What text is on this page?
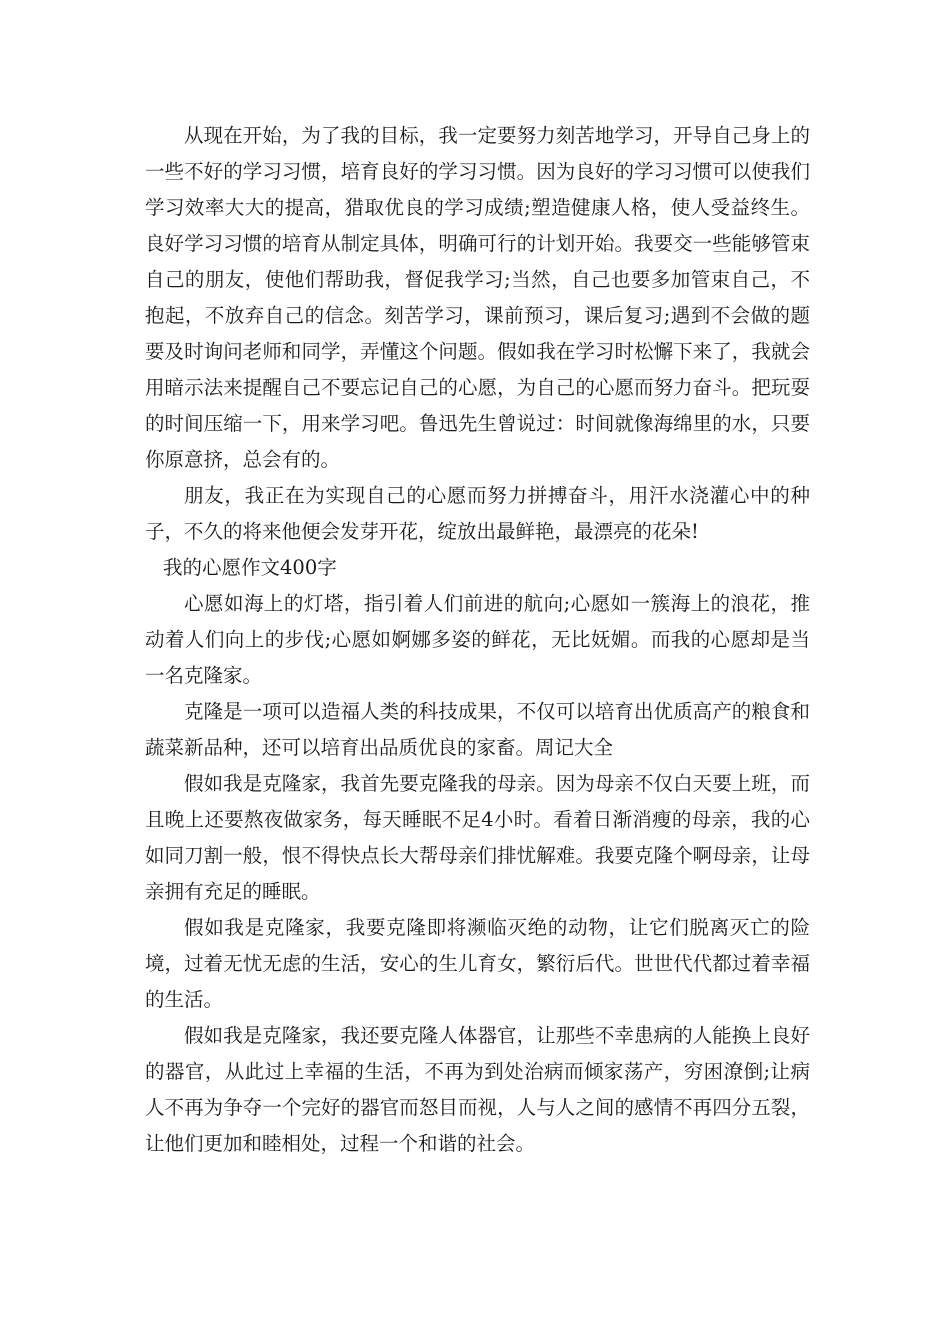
从现在开始，为了我的目标，我一定要努力刻苦地学习，开导自己身上的一些不好的学习习惯，培育良好的学习习惯。因为良好的学习习惯可以使我们学习效率大大的提高，猎取优良的学习成绩;塑造健康人格，使人受益终生。良好学习习惯的培育从制定具体，明确可行的计划开始。我要交一些能够管束自己的朋友，使他们帮助我，督促我学习;当然，自己也要多加管束自己，不抱起，不放弃自己的信念。刻苦学习，课前预习，课后复习;遇到不会做的题要及时询问老师和同学，弄懂这个问题。假如我在学习时松懈下来了，我就会用暗示法来提醒自己不要忘记自己的心愿，为自己的心愿而努力奋斗。把玩耍的时间压缩一下，用来学习吧。鲁迅先生曾说过：时间就像海绵里的水，只要你原意挤，总会有的。

朋友，我正在为实现自己的心愿而努力拼搏奋斗，用汗水浇灌心中的种子，不久的将来他便会发芽开花，绽放出最鲜艳，最漂亮的花朵!

我的心愿作文400字

心愿如海上的灯塔，指引着人们前进的航向;心愿如一簇海上的浪花，推动着人们向上的步伐;心愿如婀娜多姿的鲜花，无比妩媚。而我的心愿却是当一名克隆家。

克隆是一项可以造福人类的科技成果，不仅可以培育出优质高产的粮食和蔬菜新品种，还可以培育出品质优良的家畜。周记大全

假如我是克隆家，我首先要克隆我的母亲。因为母亲不仅白天要上班，而且晚上还要熬夜做家务，每天睡眠不足4小时。看着日渐消瘦的母亲，我的心如同刀割一般，恨不得快点长大帮母亲们排忧解难。我要克隆个啊母亲，让母亲拥有充足的睡眠。

假如我是克隆家，我要克隆即将濒临灭绝的动物，让它们脱离灭亡的险境，过着无忧无虑的生活，安心的生儿育女，繁衍后代。世世代代都过着幸福的生活。

假如我是克隆家，我还要克隆人体器官，让那些不幸患病的人能换上良好的器官，从此过上幸福的生活，不再为到处治病而倾家荡产，穷困潦倒;让病人不再为争夺一个完好的器官而怒目而视，人与人之间的感情不再四分五裂，让他们更加和睦相处，过程一个和谐的社会。
